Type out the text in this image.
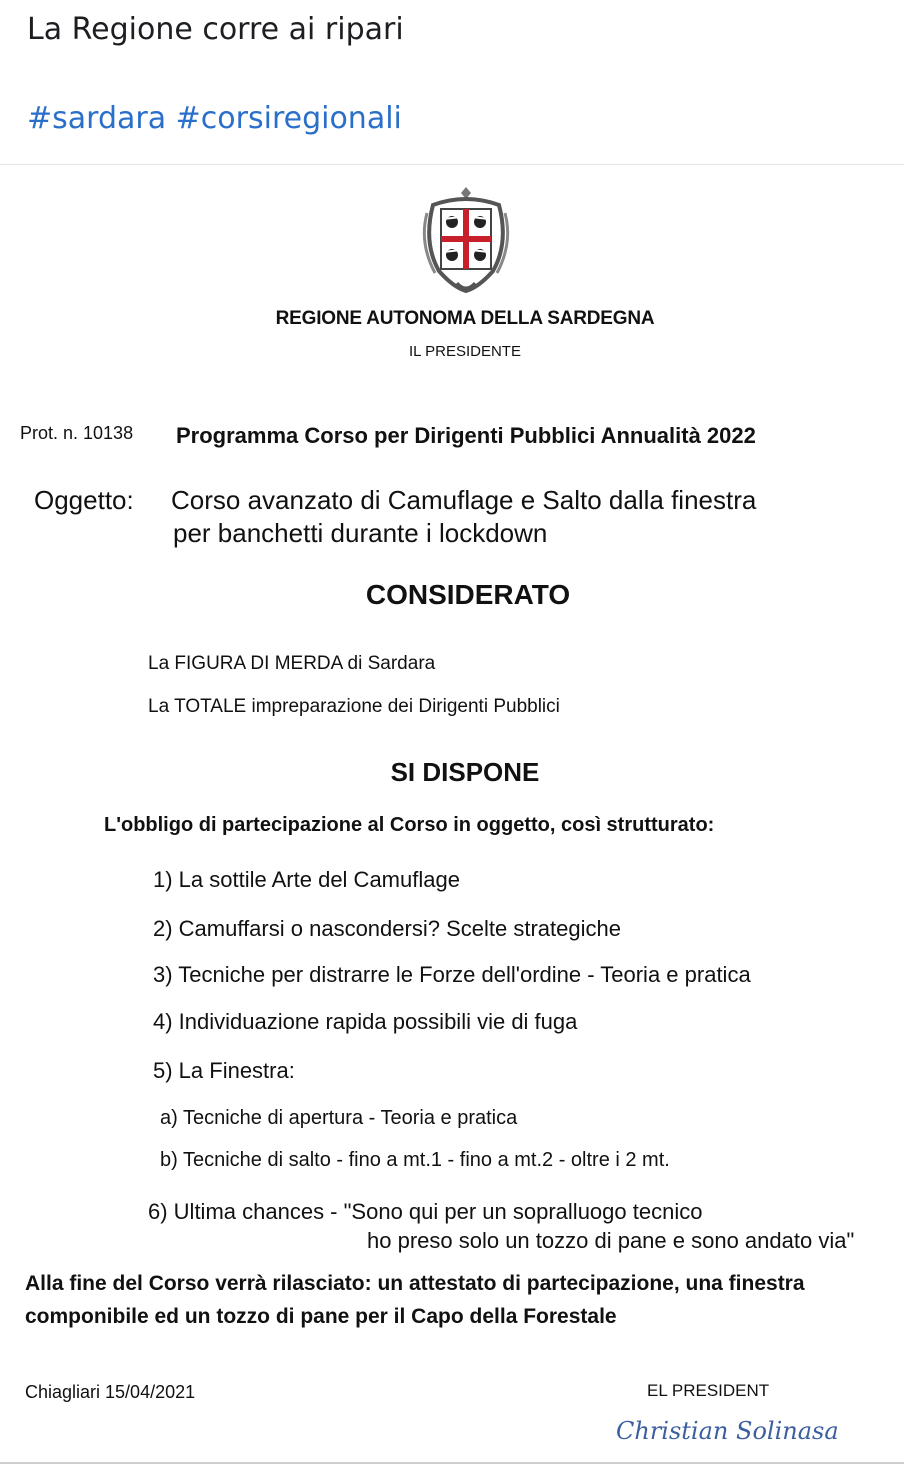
La Regione corre ai ripari
#sardara #corsiregionali
REGIONE AUTONOMA DELLA SARDEGNA
IL PRESIDENTE
Prot. n. 10138 Programma Corso per Dirigenti Pubblici Annualità 2022
Oggetto: Corso avanzato di Camuflage e Salto dalla finestra
per banchetti durante i lockdown
CONSIDERATO
La FIGURA DI MERDA di Sardara
La TOTALE impreparazione dei Dirigenti Pubblici
SI DISPONE
L'obbligo di partecipazione al Corso in oggetto, così strutturato:
1) La sottile Arte del Camuflage
2) Camuffarsi o nascondersi? Scelte strategiche
3) Tecniche per distrarre le Forze dell'ordine - Teoria e pratica
4) Individuazione rapida possibili vie di fuga
5) La Finestra:
a) Tecniche di apertura - Teoria e pratica
b) Tecniche di salto - fino a mt.1 - fino a mt.2 - oltre i 2 mt.
6) Ultima chances - "Sono qui per un sopralluogo tecnico
ho preso solo un tozzo di pane e sono andato via"
Alla fine del Corso verrà rilasciato: un attestato di partecipazione, una finestra
componibile ed un tozzo di pane per il Capo della Forestale
Chiagliari 15/04/2021	EL PRESIDENT
Christian Solinasa
